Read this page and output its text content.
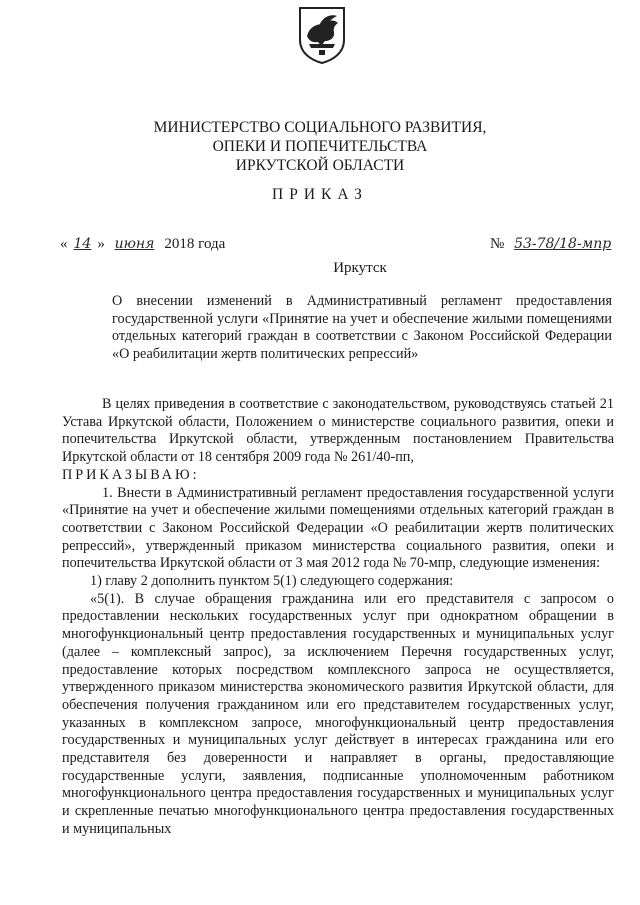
МИНИСТЕРСТВО СОЦИАЛЬНОГО РАЗВИТИЯ,
ОПЕКИ И ПОПЕЧИТЕЛЬСТВА
ИРКУТСКОЙ ОБЛАСТИ
ПРИКАЗ
« 14 » июня 2018 года	№ 53-78/18-мпр
Иркутск

О внесении изменений в Административный регламент предоставления государственной услуги «Принятие на учет и обеспечение жилыми помещениями отдельных категорий граждан в соответствии с Законом Российской Федерации «О реабилитации жертв политических репрессий»

В целях приведения в соответствие с законодательством, руководствуясь статьей 21 Устава Иркутской области, Положением о министерстве социального развития, опеки и попечительства Иркутской области, утвержденным постановлением Правительства Иркутской области от 18 сентября 2009 года № 261/40-пп,

ПРИКАЗЫВАЮ:

1. Внести в Административный регламент предоставления государственной услуги «Принятие на учет и обеспечение жилыми помещениями отдельных категорий граждан в соответствии с Законом Российской Федерации «О реабилитации жертв политических репрессий», утвержденный приказом министерства социального развития, опеки и попечительства Иркутской области от 3 мая 2012 года № 70-мпр, следующие изменения:

1) главу 2 дополнить пунктом 5(1) следующего содержания:

«5(1). В случае обращения гражданина или его представителя с запросом о предоставлении нескольких государственных услуг при однократном обращении в многофункциональный центр предоставления государственных и муниципальных услуг (далее – комплексный запрос), за исключением Перечня государственных услуг, предоставление которых посредством комплексного запроса не осуществляется, утвержденного приказом министерства экономического развития Иркутской области, для обеспечения получения гражданином или его представителем государственных услуг, указанных в комплексном запросе, многофункциональный центр предоставления государственных и муниципальных услуг действует в интересах гражданина или его представителя без доверенности и направляет в органы, предоставляющие государственные услуги, заявления, подписанные уполномоченным работником многофункционального центра предоставления государственных и муниципальных услуг и скрепленные печатью многофункционального центра предоставления государственных и муниципальных
